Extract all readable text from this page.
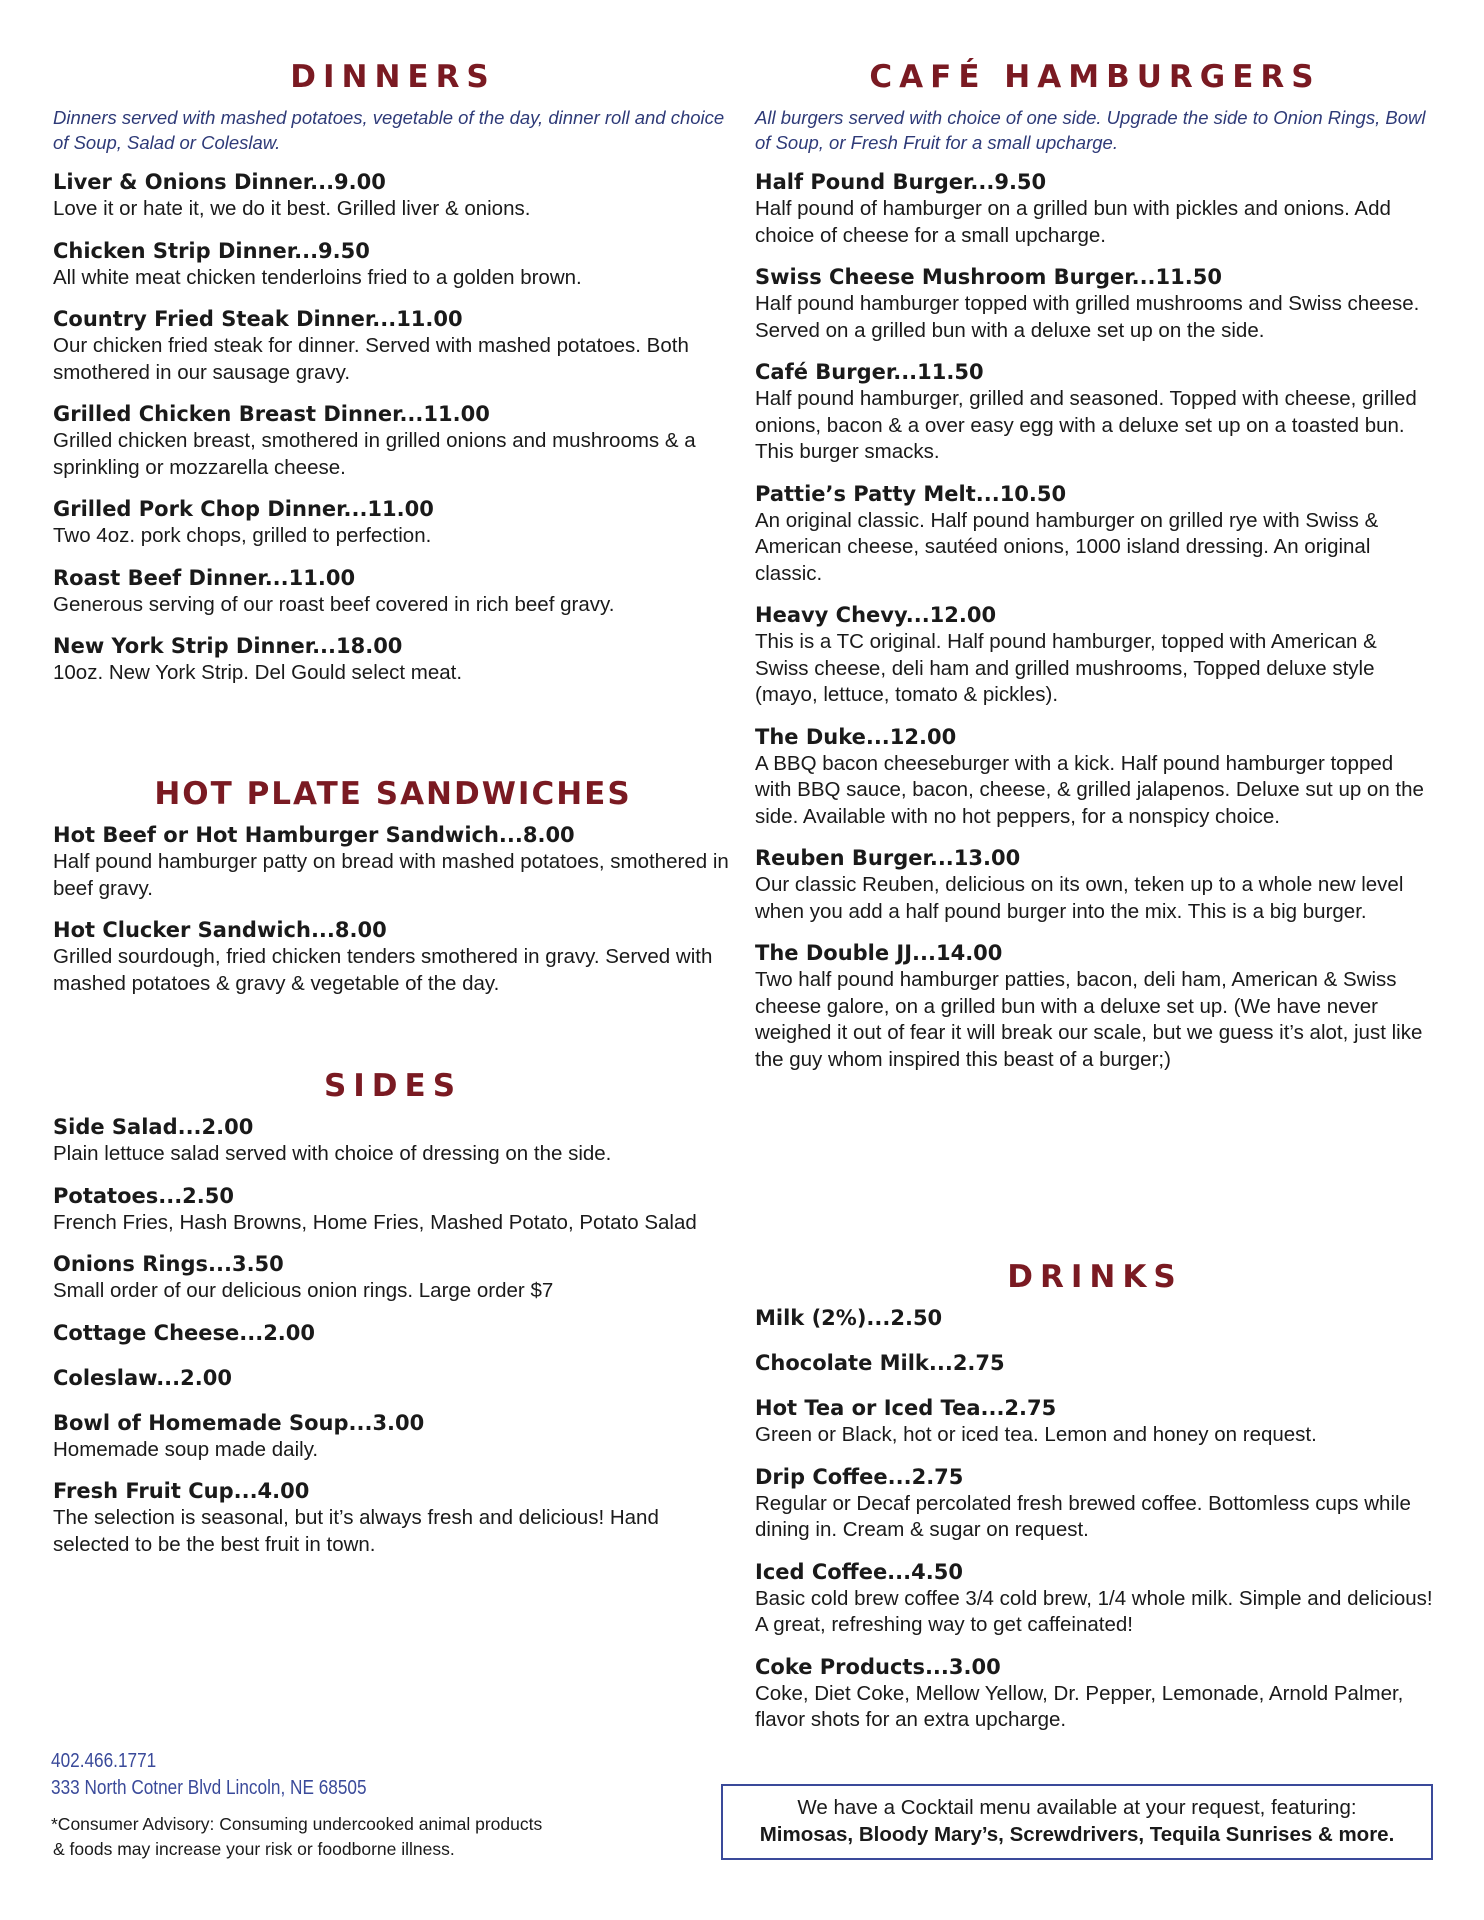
DINNERS

Dinners served with mashed potatoes, vegetable of the day, dinner roll and choice of Soup, Salad or Coleslaw.

Liver & Onions Dinner...9.00
Love it or hate it, we do it best. Grilled liver & onions.
Chicken Strip Dinner...9.50
All white meat chicken tenderloins fried to a golden brown.
Country Fried Steak Dinner...11.00
Our chicken fried steak for dinner. Served with mashed potatoes. Both smothered in our sausage gravy.
Grilled Chicken Breast Dinner...11.00
Grilled chicken breast, smothered in grilled onions and mushrooms & a sprinkling or mozzarella cheese.
Grilled Pork Chop Dinner...11.00
Two 4oz. pork chops, grilled to perfection.
Roast Beef Dinner...11.00
Generous serving of our roast beef covered in rich beef gravy.
New York Strip Dinner...18.00
10oz. New York Strip. Del Gould select meat.
HOT PLATE SANDWICHES
Hot Beef or Hot Hamburger Sandwich...8.00
Half pound hamburger patty on bread with mashed potatoes, smothered in beef gravy.
Hot Clucker Sandwich...8.00
Grilled sourdough, fried chicken tenders smothered in gravy. Served with mashed potatoes & gravy & vegetable of the day.
SIDES
Side Salad...2.00
Plain lettuce salad served with choice of dressing on the side.
Potatoes...2.50
French Fries, Hash Browns, Home Fries, Mashed Potato, Potato Salad
Onions Rings...3.50
Small order of our delicious onion rings. Large order $7
Cottage Cheese...2.00
Coleslaw...2.00
Bowl of Homemade Soup...3.00
Homemade soup made daily.
Fresh Fruit Cup...4.00
The selection is seasonal, but it’s always fresh and delicious! Hand selected to be the best fruit in town.
CAFÉ HAMBURGERS

All burgers served with choice of one side. Upgrade the side to Onion Rings, Bowl of Soup, or Fresh Fruit for a small upcharge.

Half Pound Burger...9.50
Half pound of hamburger on a grilled bun with pickles and onions. Add choice of cheese for a small upcharge.
Swiss Cheese Mushroom Burger...11.50
Half pound hamburger topped with grilled mushrooms and Swiss cheese. Served on a grilled bun with a deluxe set up on the side.
Café Burger...11.50
Half pound hamburger, grilled and seasoned. Topped with cheese, grilled onions, bacon & a over easy egg with a deluxe set up on a toasted bun. This burger smacks.
Pattie’s Patty Melt...10.50
An original classic. Half pound hamburger on grilled rye with Swiss & American cheese, sautéed onions, 1000 island dressing. An original classic.
Heavy Chevy...12.00
This is a TC original. Half pound hamburger, topped with American & Swiss cheese, deli ham and grilled mushrooms, Topped deluxe style (mayo, lettuce, tomato & pickles).
The Duke...12.00
A BBQ bacon cheeseburger with a kick. Half pound hamburger topped with BBQ sauce, bacon, cheese, & grilled jalapenos. Deluxe sut up on the side. Available with no hot peppers, for a nonspicy choice.
Reuben Burger...13.00
Our classic Reuben, delicious on its own, teken up to a whole new level when you add a half pound burger into the mix. This is a big burger.
The Double JJ...14.00
Two half pound hamburger patties, bacon, deli ham, American & Swiss cheese galore, on a grilled bun with a deluxe set up. (We have never weighed it out of fear it will break our scale, but we guess it’s alot, just like the guy whom inspired this beast of a burger;)
DRINKS
Milk (2%)...2.50
Chocolate Milk...2.75
Hot Tea or Iced Tea...2.75
Green or Black, hot or iced tea. Lemon and honey on request.
Drip Coffee...2.75
Regular or Decaf percolated fresh brewed coffee. Bottomless cups while dining in. Cream & sugar on request.
Iced Coffee...4.50
Basic cold brew coffee 3/4 cold brew, 1/4 whole milk. Simple and delicious! A great, refreshing way to get caffeinated!
Coke Products...3.00
Coke, Diet Coke, Mellow Yellow, Dr. Pepper, Lemonade, Arnold Palmer, flavor shots for an extra upcharge.
402.466.1771
333 North Cotner Blvd Lincoln, NE 68505
*Consumer Advisory: Consuming undercooked animal products
& foods may increase your risk or foodborne illness.
We have a Cocktail menu available at your request, featuring:
Mimosas, Bloody Mary’s, Screwdrivers, Tequila Sunrises & more.
